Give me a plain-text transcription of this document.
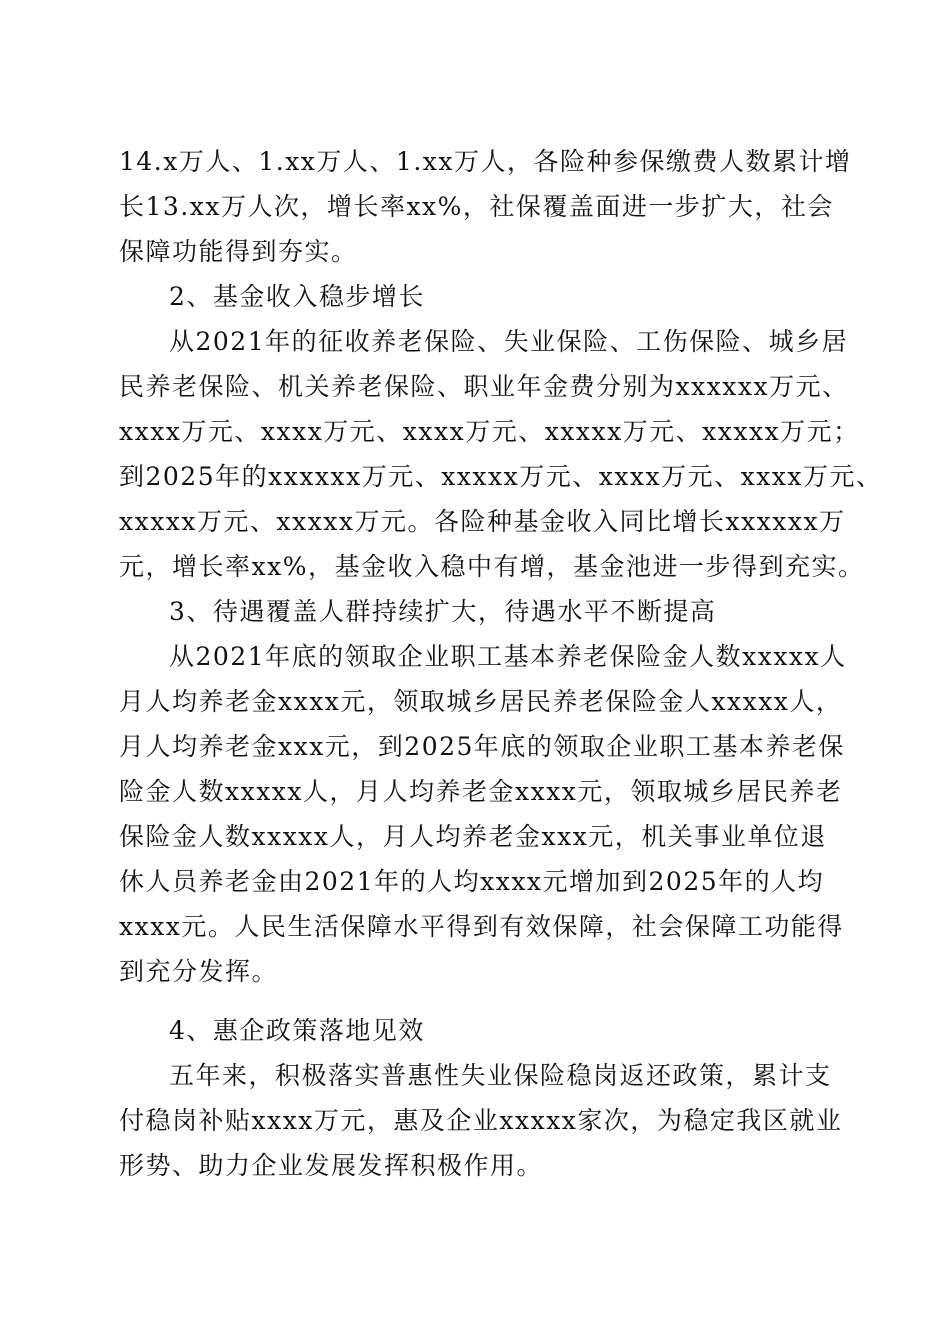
14.x万人、1.xx万人、1.xx万人，各险种参保缴费人数累计增
长13.xx万人次，增长率xx%，社保覆盖面进一步扩大，社会
保障功能得到夯实。
2、基金收入稳步增长
从2021年的征收养老保险、失业保险、工伤保险、城乡居
民养老保险、机关养老保险、职业年金费分别为xxxxxx万元、
xxxx万元、xxxx万元、xxxx万元、xxxxx万元、xxxxx万元；
到2025年的xxxxxx万元、xxxxx万元、xxxx万元、xxxx万元、
xxxxx万元、xxxxx万元。各险种基金收入同比增长xxxxxx万
元，增长率xx%，基金收入稳中有增，基金池进一步得到充实。
3、待遇覆盖人群持续扩大，待遇水平不断提高
从2021年底的领取企业职工基本养老保险金人数xxxxx人
月人均养老金xxxx元，领取城乡居民养老保险金人xxxxx人，
月人均养老金xxx元，到2025年底的领取企业职工基本养老保
险金人数xxxxx人，月人均养老金xxxx元，领取城乡居民养老
保险金人数xxxxx人，月人均养老金xxx元，机关事业单位退
休人员养老金由2021年的人均xxxx元增加到2025年的人均
xxxx元。人民生活保障水平得到有效保障，社会保障工功能得
到充分发挥。
4、惠企政策落地见效
五年来，积极落实普惠性失业保险稳岗返还政策，累计支
付稳岗补贴xxxx万元，惠及企业xxxxx家次，为稳定我区就业
形势、助力企业发展发挥积极作用。
